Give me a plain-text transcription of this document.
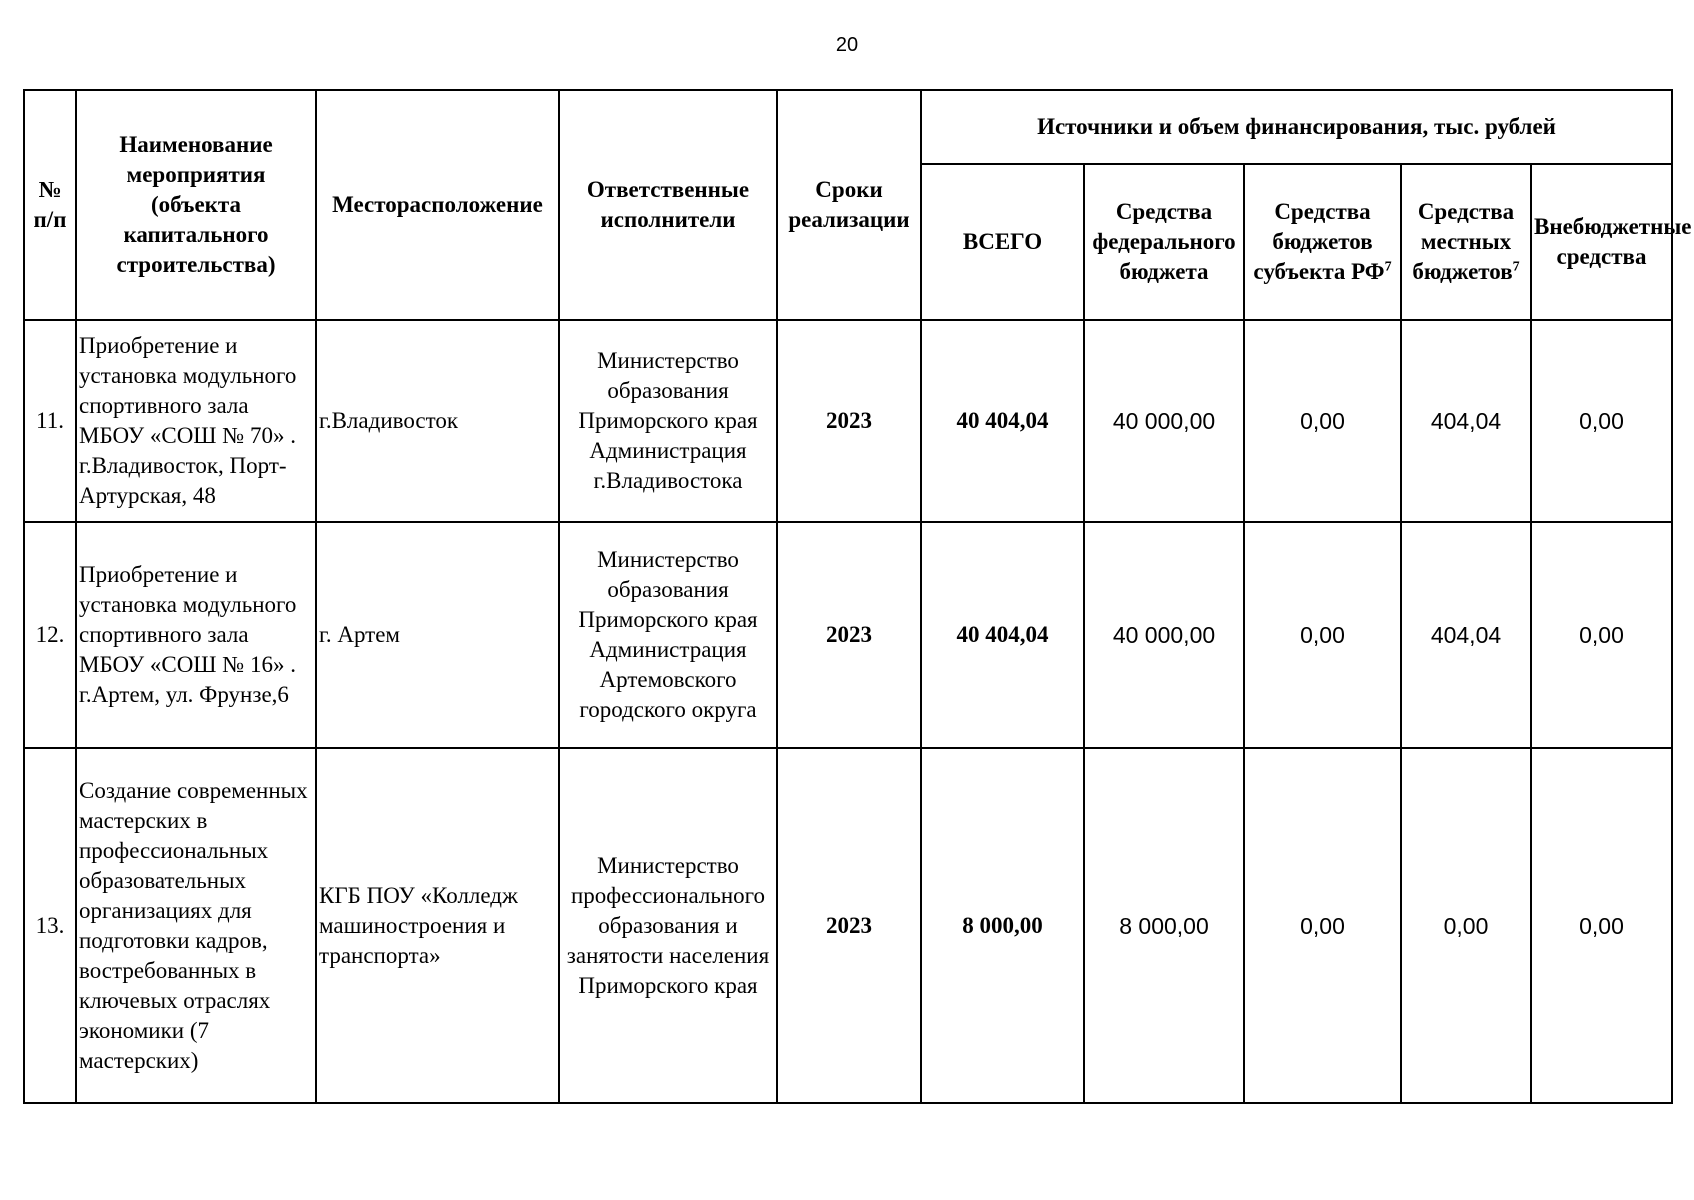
20
№ п/п	Наименование мероприятия (объекта капитального строительства)	Месторасположение	Ответственные исполнители	Сроки реализации	Источники и объем финансирования, тыс. рублей				
					ВСЕГО	Средства федерального бюджета	Средства бюджетов субъекта $РФ^7$	Средства местных бюджетов$^7$	Внебюджетные средства
11.	Приобретение и установка модульного спортивного зала МБОУ «СОШ № 70» . г.Владивосток, Порт-Артурская, 48	г.Владивосток	Министерство образования Приморского края Администрация г.Владивостока	2023	40 404,04	40 000,00	0,00	404,04	0,00
12.	Приобретение и установка модульного спортивного зала МБОУ «СОШ № 16» . г.Артем, ул. Фрунзе,6	г. Артем	Министерство образования Приморского края Администрация Артемовского городского округа	2023	40 404,04	40 000,00	0,00	404,04	0,00
13.	Создание современных мастерских в профессиональных образовательных организациях для подготовки кадров, востребованных в ключевых отраслях экономики (7 мастерских)	КГБ ПОУ «Колледж машиностроения и транспорта»	Министерство профессионального образования и занятости населения Приморского края	2023	8 000,00	8 000,00	0,00	0,00	0,00
